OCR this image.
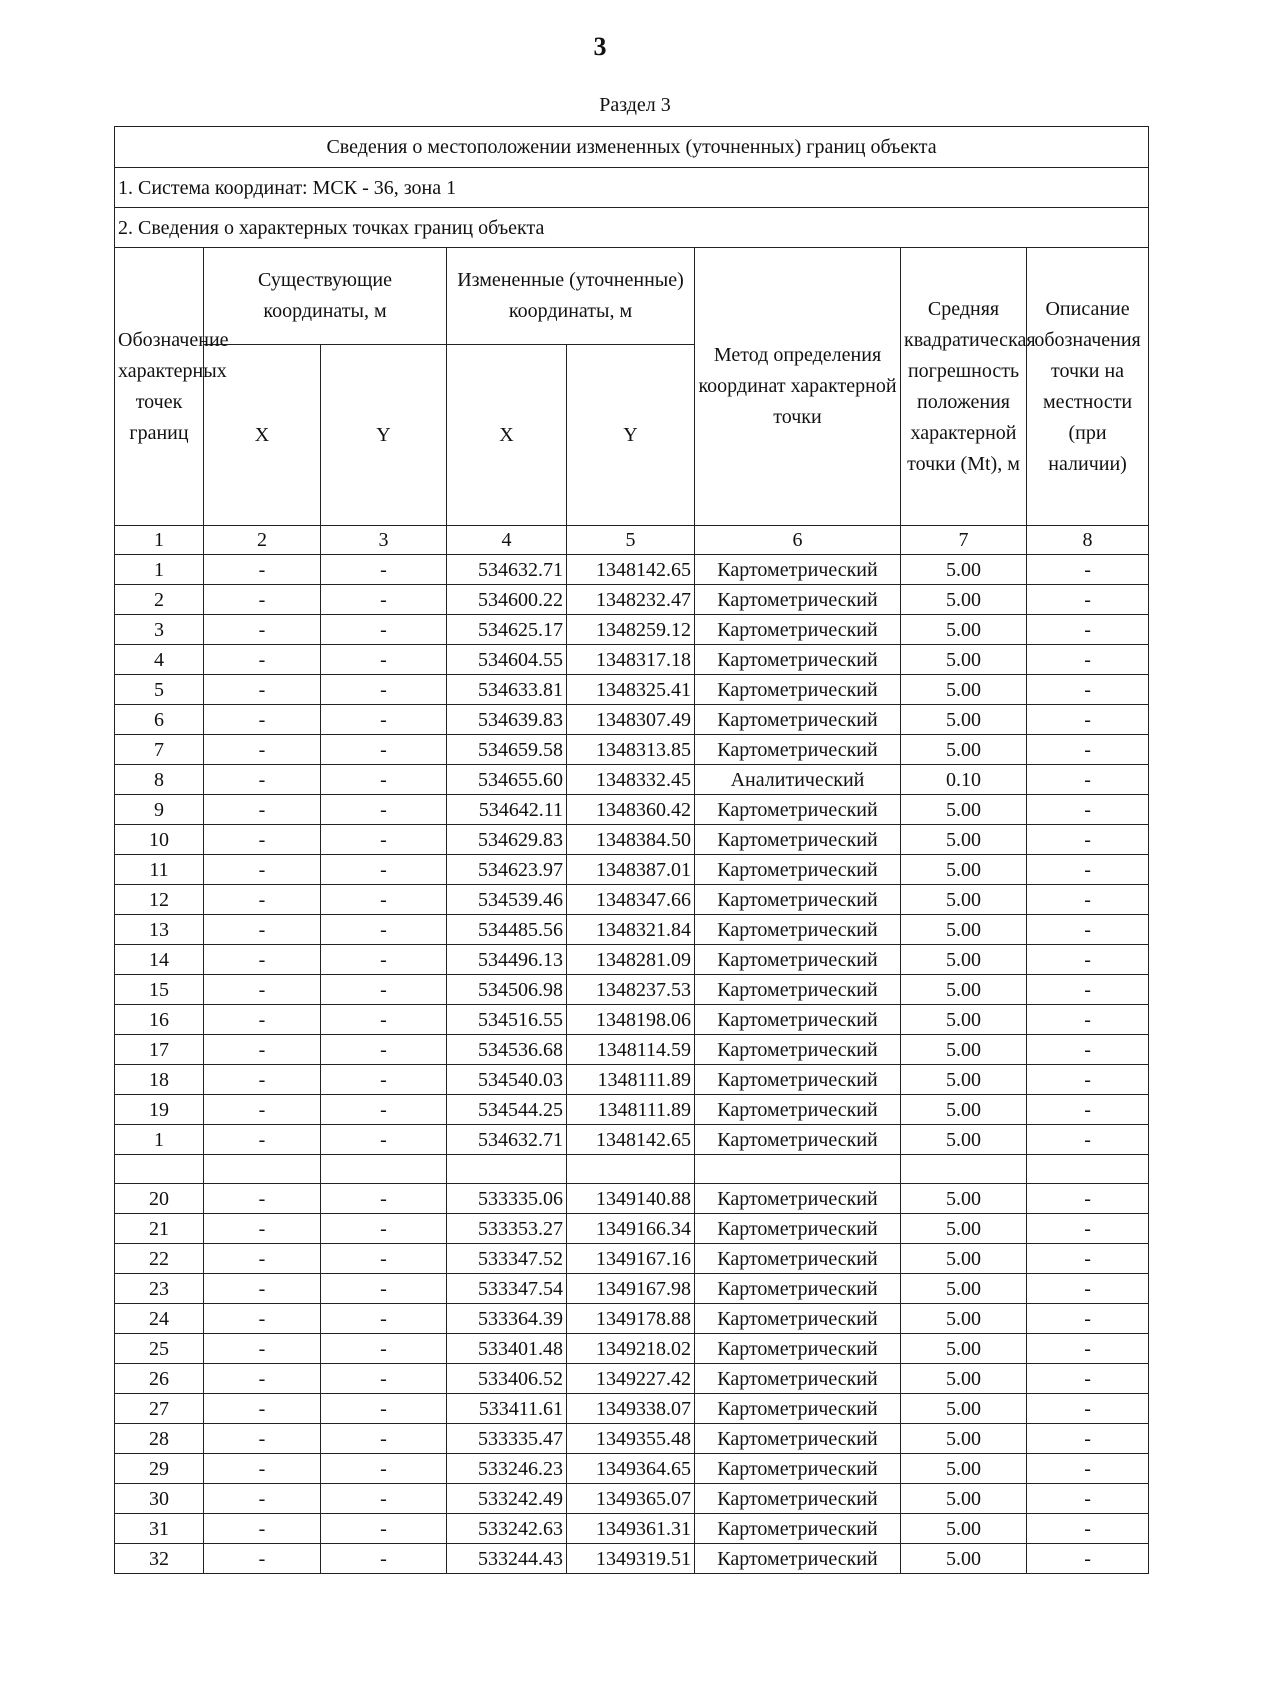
3
Раздел 3
Сведения о местоположении измененных (уточненных) границ объекта							
1. Система координат: МСК - 36, зона 1							
2. Сведения о характерных точках границ объекта							
Обозначение характерных точек границ	Существующие координаты, м		Измененные (уточненные) координаты, м		Метод определения координат характерной точки	Средняя квадратическая погрешность положения характерной точки (Mt), м	Описание обозначения точки на местности (при наличии)
	X	Y	X	Y			
1	2	3	4	5	6	7	8
1	-	-	534632.71	1348142.65	Картометрический	5.00	-
2	-	-	534600.22	1348232.47	Картометрический	5.00	-
3	-	-	534625.17	1348259.12	Картометрический	5.00	-
4	-	-	534604.55	1348317.18	Картометрический	5.00	-
5	-	-	534633.81	1348325.41	Картометрический	5.00	-
6	-	-	534639.83	1348307.49	Картометрический	5.00	-
7	-	-	534659.58	1348313.85	Картометрический	5.00	-
8	-	-	534655.60	1348332.45	Аналитический	0.10	-
9	-	-	534642.11	1348360.42	Картометрический	5.00	-
10	-	-	534629.83	1348384.50	Картометрический	5.00	-
11	-	-	534623.97	1348387.01	Картометрический	5.00	-
12	-	-	534539.46	1348347.66	Картометрический	5.00	-
13	-	-	534485.56	1348321.84	Картометрический	5.00	-
14	-	-	534496.13	1348281.09	Картометрический	5.00	-
15	-	-	534506.98	1348237.53	Картометрический	5.00	-
16	-	-	534516.55	1348198.06	Картометрический	5.00	-
17	-	-	534536.68	1348114.59	Картометрический	5.00	-
18	-	-	534540.03	1348111.89	Картометрический	5.00	-
19	-	-	534544.25	1348111.89	Картометрический	5.00	-
1	-	-	534632.71	1348142.65	Картометрический	5.00	-

20	-	-	533335.06	1349140.88	Картометрический	5.00	-
21	-	-	533353.27	1349166.34	Картометрический	5.00	-
22	-	-	533347.52	1349167.16	Картометрический	5.00	-
23	-	-	533347.54	1349167.98	Картометрический	5.00	-
24	-	-	533364.39	1349178.88	Картометрический	5.00	-
25	-	-	533401.48	1349218.02	Картометрический	5.00	-
26	-	-	533406.52	1349227.42	Картометрический	5.00	-
27	-	-	533411.61	1349338.07	Картометрический	5.00	-
28	-	-	533335.47	1349355.48	Картометрический	5.00	-
29	-	-	533246.23	1349364.65	Картометрический	5.00	-
30	-	-	533242.49	1349365.07	Картометрический	5.00	-
31	-	-	533242.63	1349361.31	Картометрический	5.00	-
32	-	-	533244.43	1349319.51	Картометрический	5.00	-
